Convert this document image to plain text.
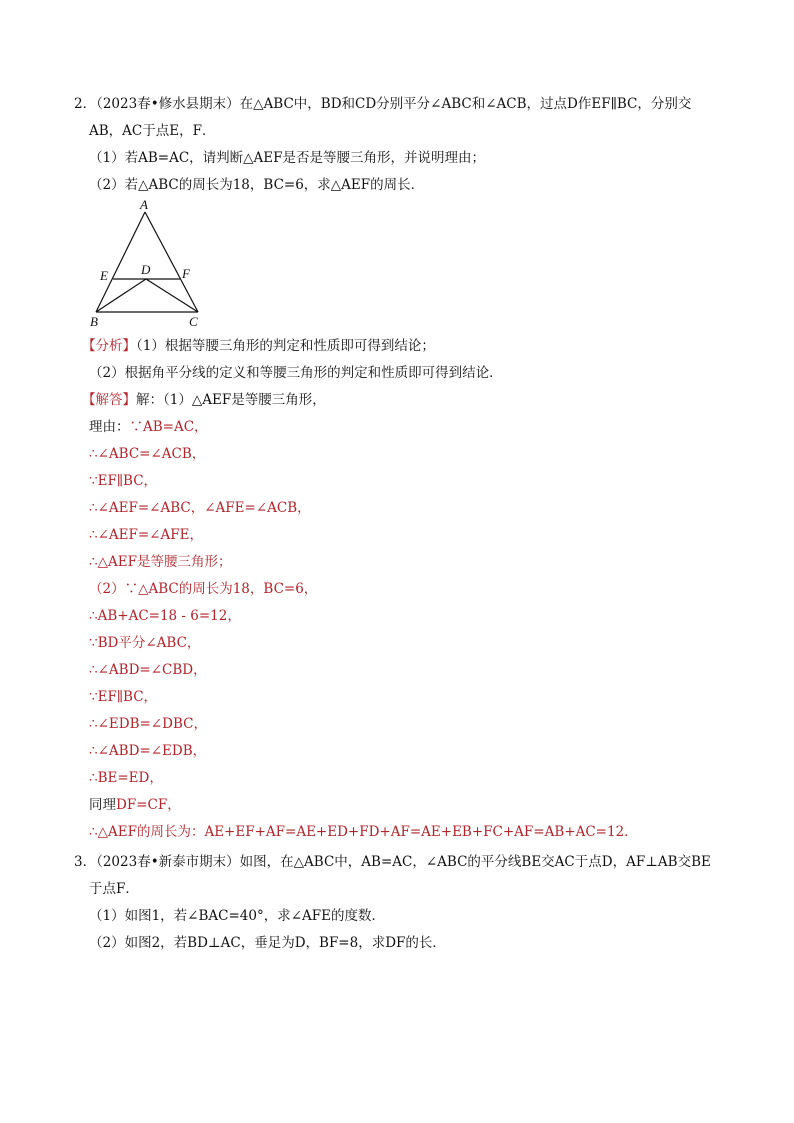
2．（2023春•修水县期末）在△ABC中，BD和CD分别平分∠ABC和∠ACB，过点D作EF∥BC，分别交
AB，AC于点E，F．
（1）若AB=AC，请判断△AEF是否是等腰三角形，并说明理由；
（2）若△ABC的周长为18，BC=6，求△AEF的周长．
A
B	C
D
E	F
【分析】（1）根据等腰三角形的判定和性质即可得到结论；
（2）根据角平分线的定义和等腰三角形的判定和性质即可得到结论．
【解答】解：（1）△AEF是等腰三角形，
理由：∵AB=AC，
∴∠ABC=∠ACB，
∵EF∥BC，
∴∠AEF=∠ABC，∠AFE=∠ACB，
∴∠AEF=∠AFE，
∴△AEF是等腰三角形；
（2）∵△ABC的周长为18，BC=6，
∴AB+AC=18 - 6=12，
∵BD平分∠ABC，
∴∠ABD=∠CBD，
∵EF∥BC，
∴∠EDB=∠DBC，
∴∠ABD=∠EDB，
∴BE=ED，
同理DF=CF，
∴△AEF的周长为：AE+EF+AF=AE+ED+FD+AF=AE+EB+FC+AF=AB+AC=12．
3．（2023春•新泰市期末）如图，在△ABC中，AB=AC，∠ABC的平分线BE交AC于点D，AF⊥AB交BE
于点F．
（1）如图1，若∠BAC=40°，求∠AFE的度数．
（2）如图2，若BD⊥AC，垂足为D，BF=8，求DF的长．
